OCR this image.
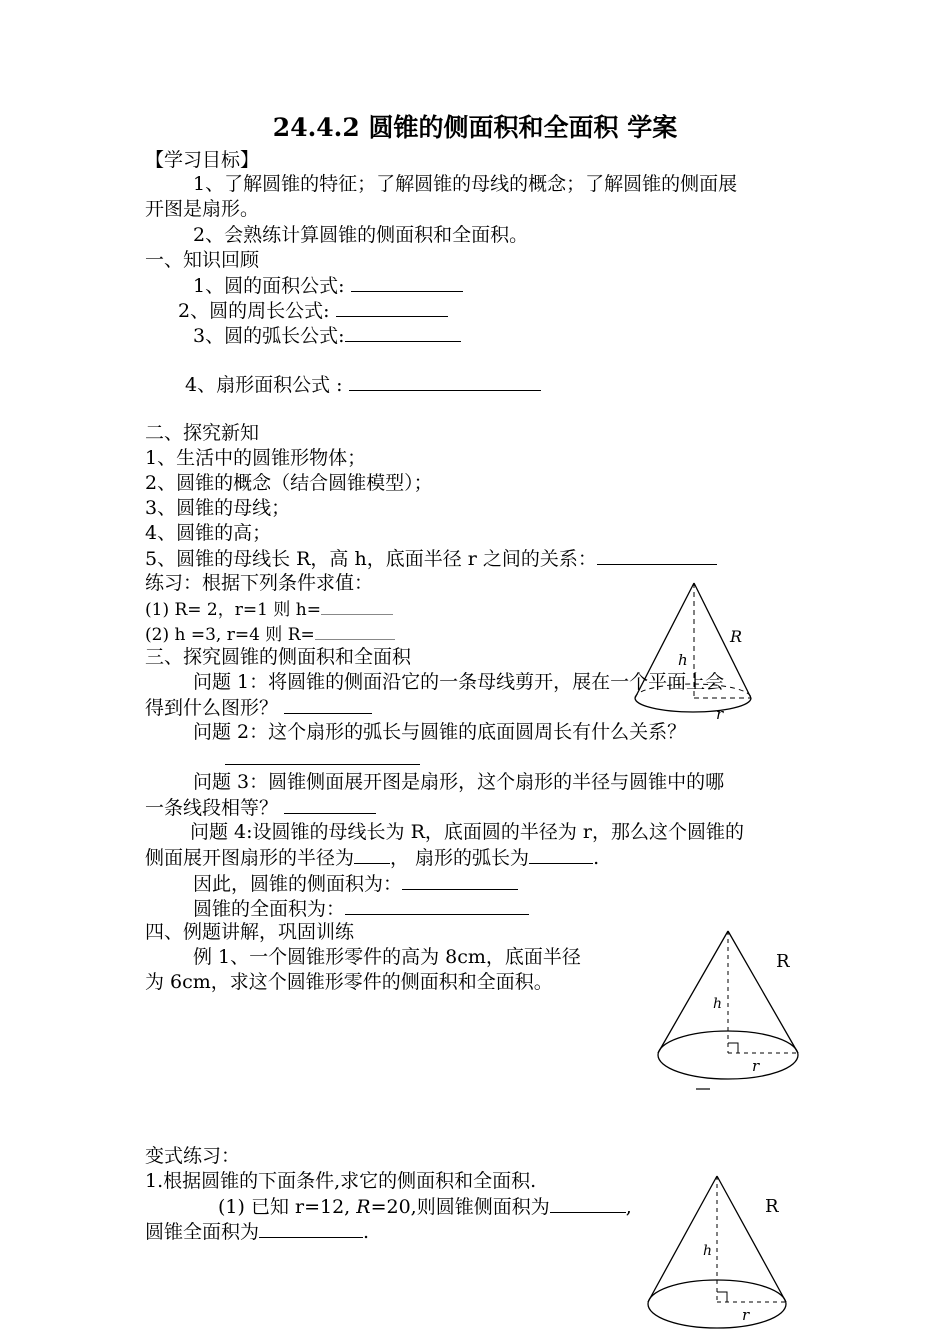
24.4.2 圆锥的侧面积和全面积 学案
【学习目标】
1、了解圆锥的特征；了解圆锥的母线的概念；了解圆锥的侧面展
开图是扇形。
2、会熟练计算圆锥的侧面积和全面积。
一、知识回顾
1、圆的面积公式:
2、圆的周长公式:
3、圆的弧长公式:
4、扇形面积公式 :
二、探究新知
1、生活中的圆锥形物体；
2、圆锥的概念（结合圆锥模型）；
3、圆锥的母线；
4、圆锥的高；
5、圆锥的母线长 R，高 h，底面半径 r 之间的关系：
练习：根据下列条件求值：
(1) R= 2，r=1 则 h=
(2) h =3, r=4 则 R=
三、探究圆锥的侧面积和全面积
问题 1：将圆锥的侧面沿它的一条母线剪开，展在一个平面上会
得到什么图形？
问题 2：这个扇形的弧长与圆锥的底面圆周长有什么关系？
问题 3：圆锥侧面展开图是扇形，这个扇形的半径与圆锥中的哪
一条线段相等？
问题 4:设圆锥的母线长为 R，底面圆的半径为 r，那么这个圆锥的
侧面展开图扇形的半径为 ， 扇形的弧长为	.
因此，圆锥的侧面积为：
圆锥的全面积为：
四、例题讲解，巩固训练
例 1、一个圆锥形零件的高为 8cm，底面半径
为 6cm，求这个圆锥形零件的侧面积和全面积。
变式练习：
1.根据圆锥的下面条件,求它的侧面积和全面积.
(1) 已知 r=12, R=20,则圆锥侧面积为	,
圆锥全面积为	.
R
h
r
R
h
r
R
h
r
